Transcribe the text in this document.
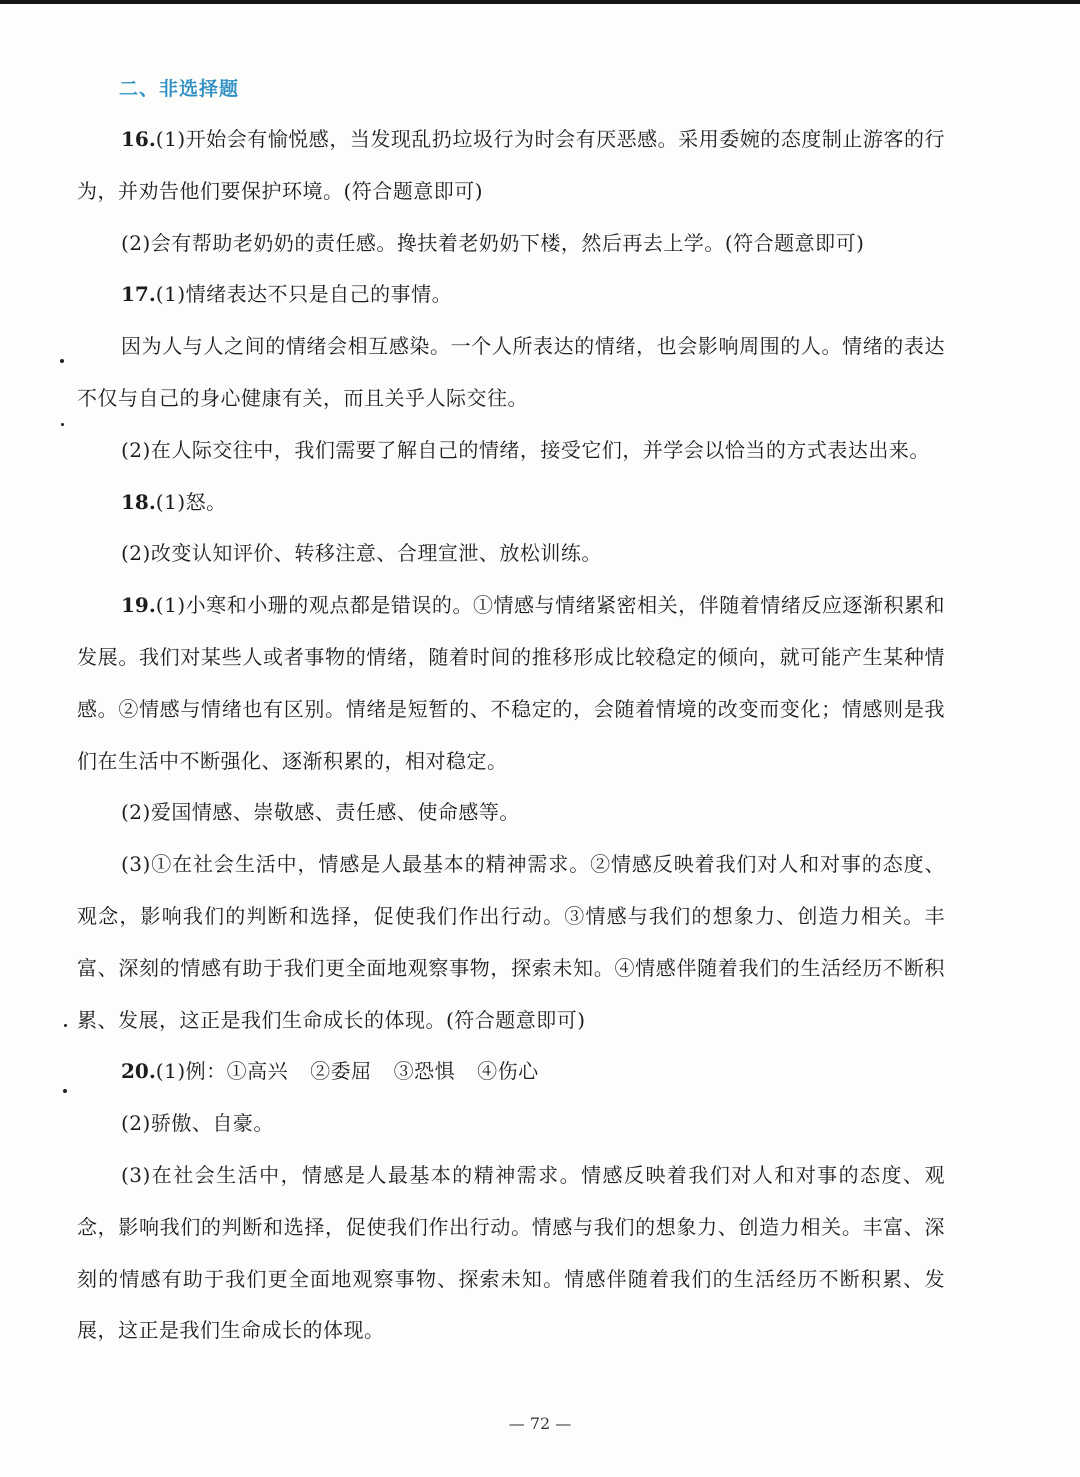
二、非选择题

16.(1)开始会有愉悦感，当发现乱扔垃圾行为时会有厌恶感。采用委婉的态度制止游客的行为，并劝告他们要保护环境。(符合题意即可)

(2)会有帮助老奶奶的责任感。搀扶着老奶奶下楼，然后再去上学。(符合题意即可)

17.(1)情绪表达不只是自己的事情。

因为人与人之间的情绪会相互感染。一个人所表达的情绪，也会影响周围的人。情绪的表达不仅与自己的身心健康有关，而且关乎人际交往。

(2)在人际交往中，我们需要了解自己的情绪，接受它们，并学会以恰当的方式表达出来。

18.(1)怒。

(2)改变认知评价、转移注意、合理宣泄、放松训练。

19.(1)小寒和小珊的观点都是错误的。①情感与情绪紧密相关，伴随着情绪反应逐渐积累和发展。我们对某些人或者事物的情绪，随着时间的推移形成比较稳定的倾向，就可能产生某种情感。②情感与情绪也有区别。情绪是短暂的、不稳定的，会随着情境的改变而变化；情感则是我们在生活中不断强化、逐渐积累的，相对稳定。

(2)爱国情感、崇敬感、责任感、使命感等。

(3)①在社会生活中，情感是人最基本的精神需求。②情感反映着我们对人和对事的态度、观念，影响我们的判断和选择，促使我们作出行动。③情感与我们的想象力、创造力相关。丰富、深刻的情感有助于我们更全面地观察事物，探索未知。④情感伴随着我们的生活经历不断积累、发展，这正是我们生命成长的体现。(符合题意即可)

20.(1)例：①高兴 ②委屈 ③恐惧 ④伤心

(2)骄傲、自豪。

(3)在社会生活中，情感是人最基本的精神需求。情感反映着我们对人和对事的态度、观念，影响我们的判断和选择，促使我们作出行动。情感与我们的想象力、创造力相关。丰富、深刻的情感有助于我们更全面地观察事物、探索未知。情感伴随着我们的生活经历不断积累、发展，这正是我们生命成长的体现。

— 72 —
